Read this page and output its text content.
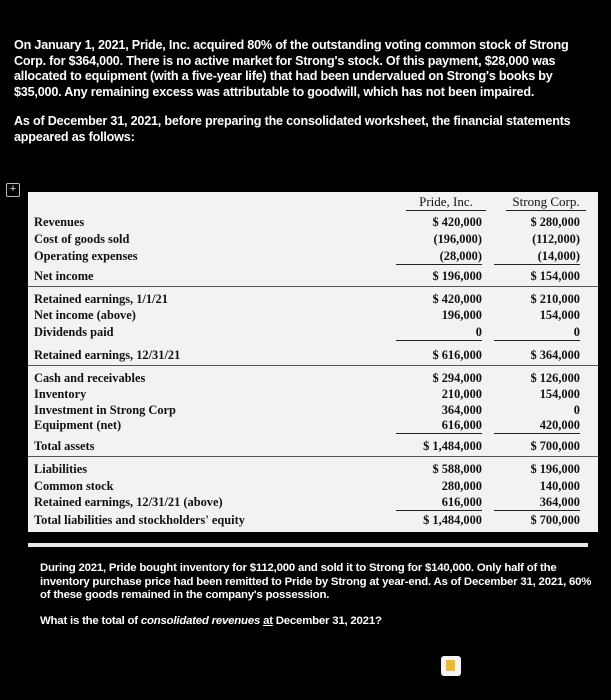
On January 1, 2021, Pride, Inc. acquired 80% of the outstanding voting common stock of Strong Corp. for $364,000. There is no active market for Strong's stock. Of this payment, $28,000 was allocated to equipment (with a five-year life) that had been undervalued on Strong's books by $35,000. Any remaining excess was attributable to goodwill, which has not been impaired.

As of December 31, 2021, before preparing the consolidated worksheet, the financial statements appeared as follows:

+
Pride, Inc.	Strong Corp.
Revenues	$ 420,000	$ 280,000
Cost of goods sold	(196,000)	(112,000)
Operating expenses	(28,000)	(14,000)
Net income	$ 196,000	$ 154,000
Retained earnings, 1/1/21	$ 420,000	$ 210,000
Net income (above)	196,000	154,000
Dividends paid	0	0
Retained earnings, 12/31/21	$ 616,000	$ 364,000
Cash and receivables	$ 294,000	$ 126,000
Inventory	210,000	154,000
Investment in Strong Corp	364,000	0
Equipment (net)	616,000	420,000
Total assets	$ 1,484,000	$ 700,000
Liabilities	$ 588,000	$ 196,000
Common stock	280,000	140,000
Retained earnings, 12/31/21 (above)	616,000	364,000
Total liabilities and stockholders' equity	$ 1,484,000	$ 700,000

During 2021, Pride bought inventory for $112,000 and sold it to Strong for $140,000. Only half of the inventory purchase price had been remitted to Pride by Strong at year-end. As of December 31, 2021, 60% of these goods remained in the company's possession.

What is the total of consolidated revenues at December 31, 2021?
